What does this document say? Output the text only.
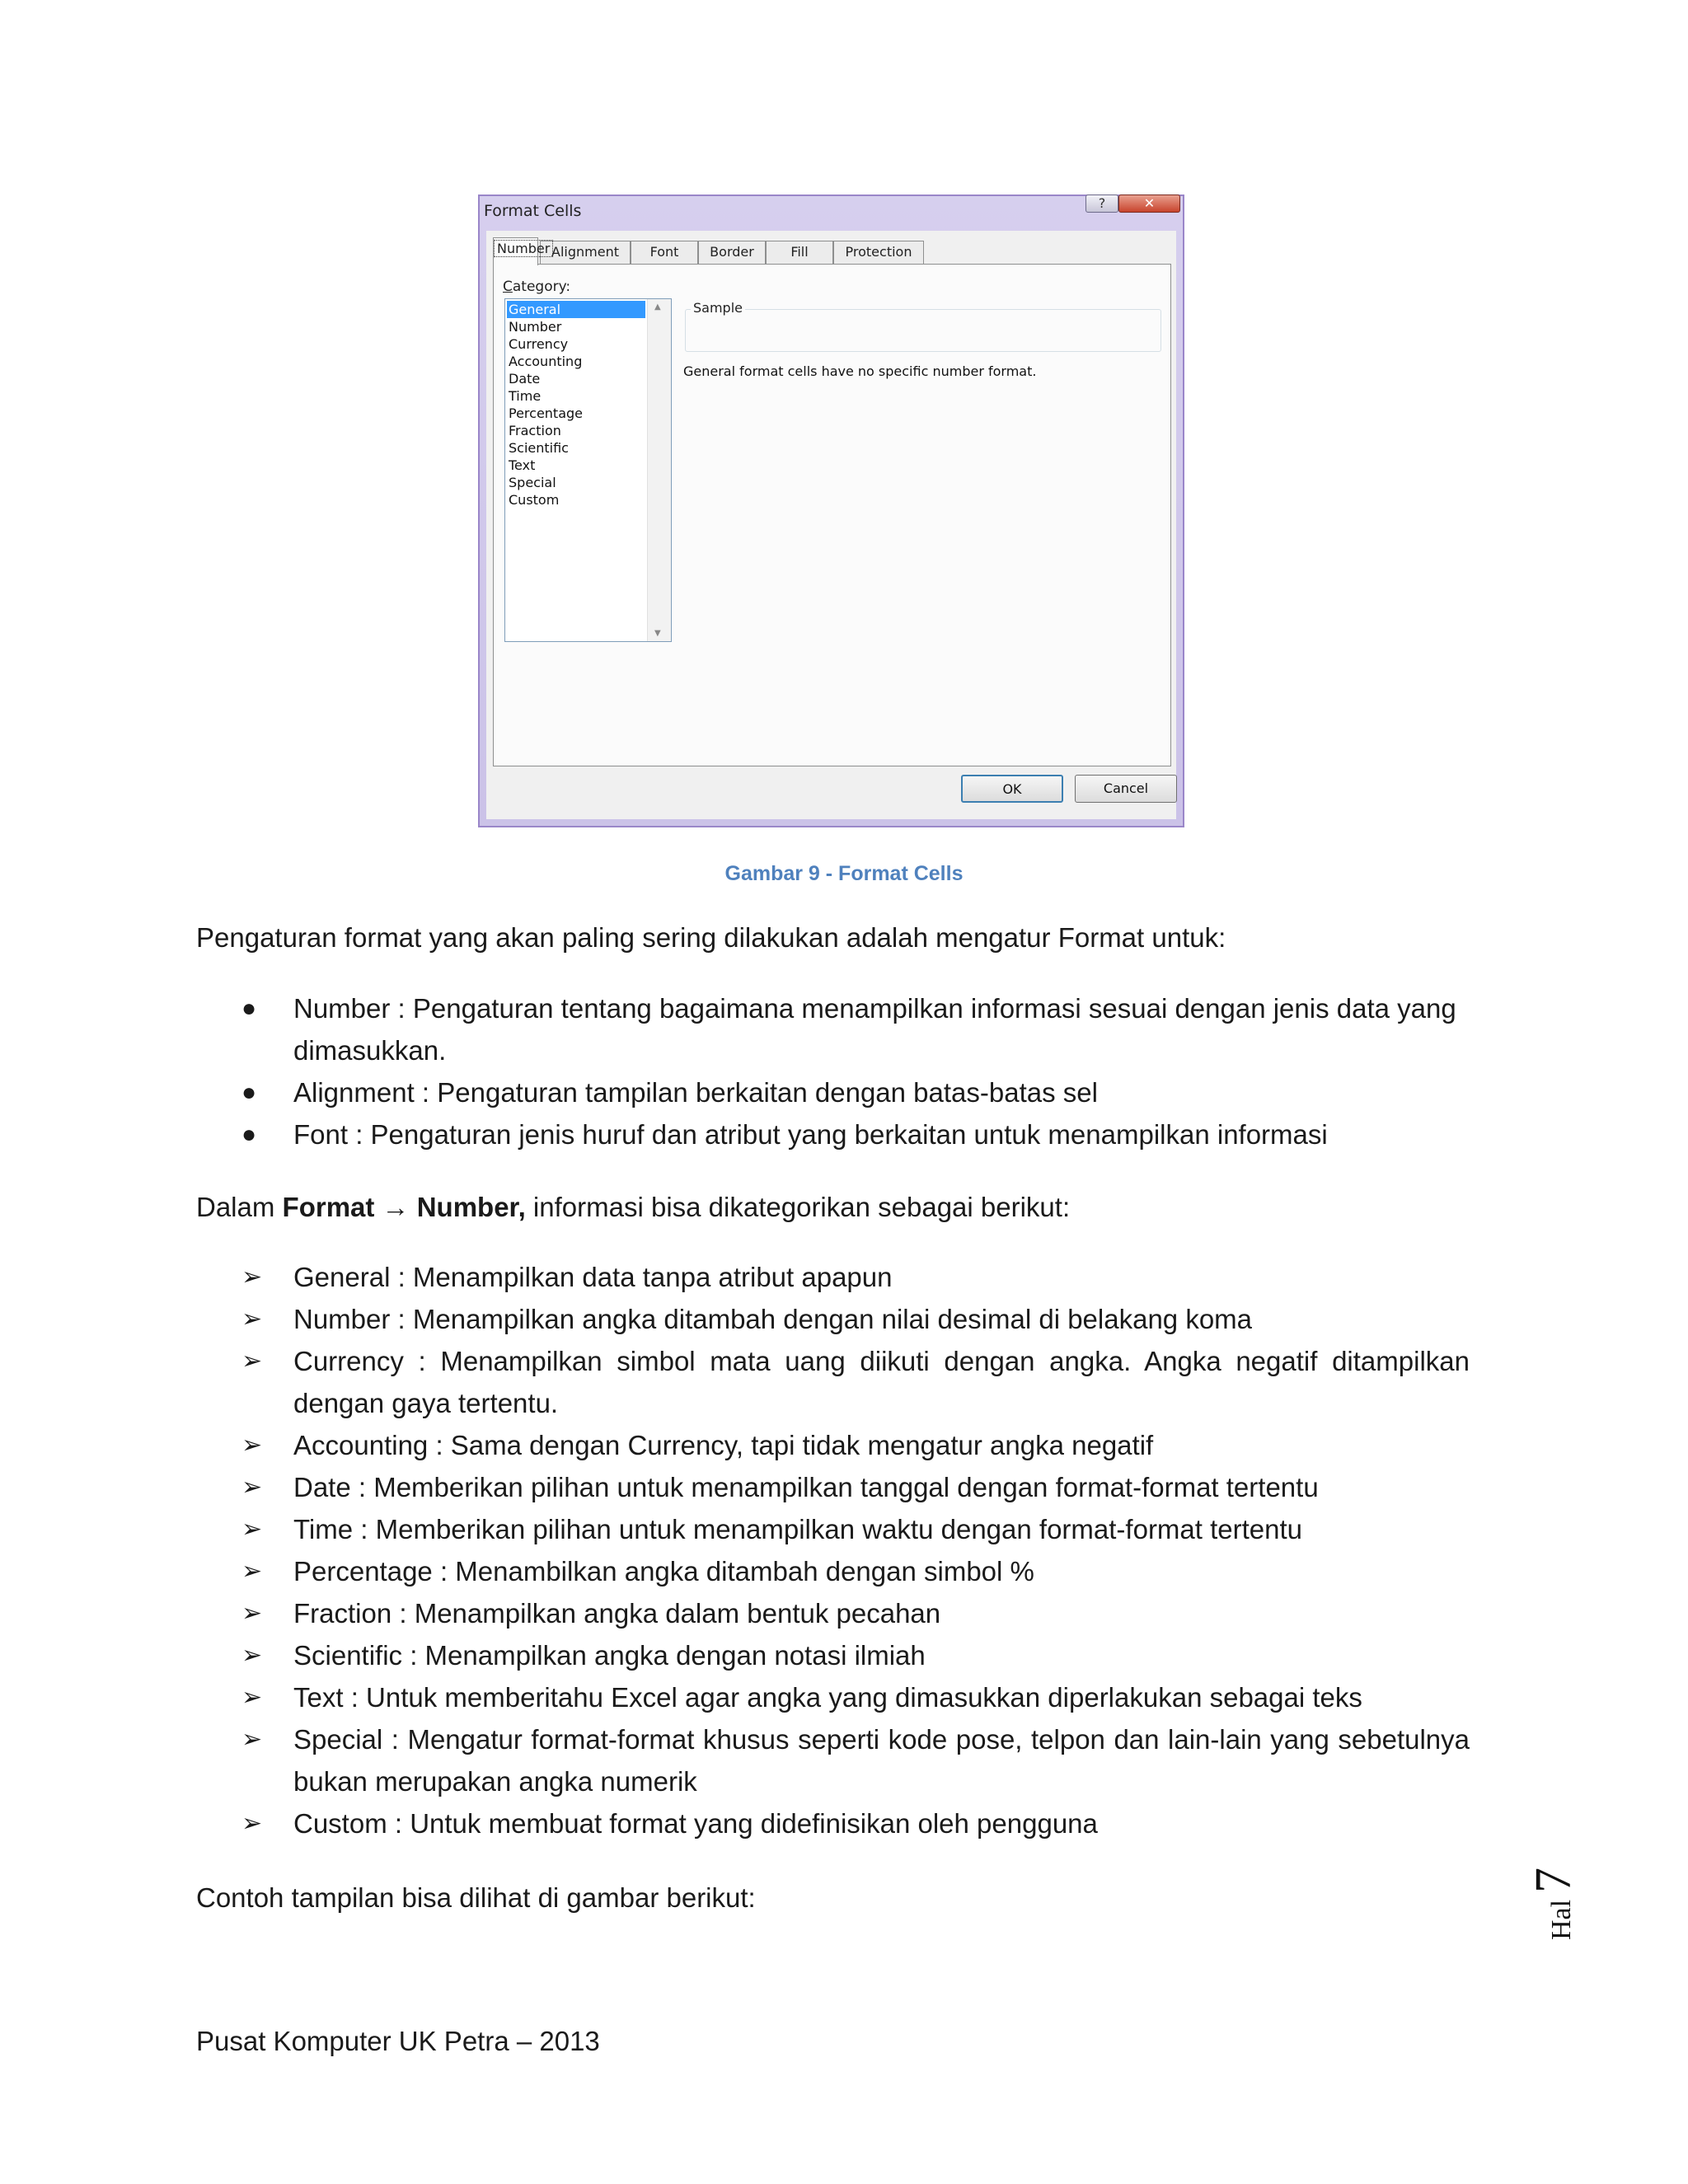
Format Cells	?	✕
Number Alignment	Font	Border	Fill	Protection
Category:
General
Number
Currency
Accounting
Date
Time
Percentage
Fraction
Scientific
Text
Special
Custom
▲
▼
Sample
General format cells have no specific number format.
OK	Cancel
Gambar 9 - Format Cells
Pengaturan format yang akan paling sering dilakukan adalah mengatur Format untuk:
● Number : Pengaturan tentang bagaimana menampilkan informasi sesuai dengan jenis data yang dimasukkan.
● Alignment : Pengaturan tampilan berkaitan dengan batas-batas sel
● Font : Pengaturan jenis huruf dan atribut yang berkaitan untuk menampilkan informasi
Dalam Format → Number, informasi bisa dikategorikan sebagai berikut:
➢ General : Menampilkan data tanpa atribut apapun
➢ Number : Menampilkan angka ditambah dengan nilai desimal di belakang koma
➢ Currency : Menampilkan simbol mata uang diikuti dengan angka. Angka negatif ditampilkan dengan gaya tertentu.
➢ Accounting : Sama dengan Currency, tapi tidak mengatur angka negatif
➢ Date : Memberikan pilihan untuk menampilkan tanggal dengan format-format tertentu
➢ Time : Memberikan pilihan untuk menampilkan waktu dengan format-format tertentu
➢ Percentage : Menambilkan angka ditambah dengan simbol %
➢ Fraction : Menampilkan angka dalam bentuk pecahan
➢ Scientific : Menampilkan angka dengan notasi ilmiah
➢ Text : Untuk memberitahu Excel agar angka yang dimasukkan diperlakukan sebagai teks
➢ Special : Mengatur format-format khusus seperti kode pose, telpon dan lain-lain yang sebetulnya bukan merupakan angka numerik
➢ Custom : Untuk membuat format yang didefinisikan oleh pengguna
Contoh tampilan bisa dilihat di gambar berikut:
Pusat Komputer UK Petra – 2013
Hal
7
